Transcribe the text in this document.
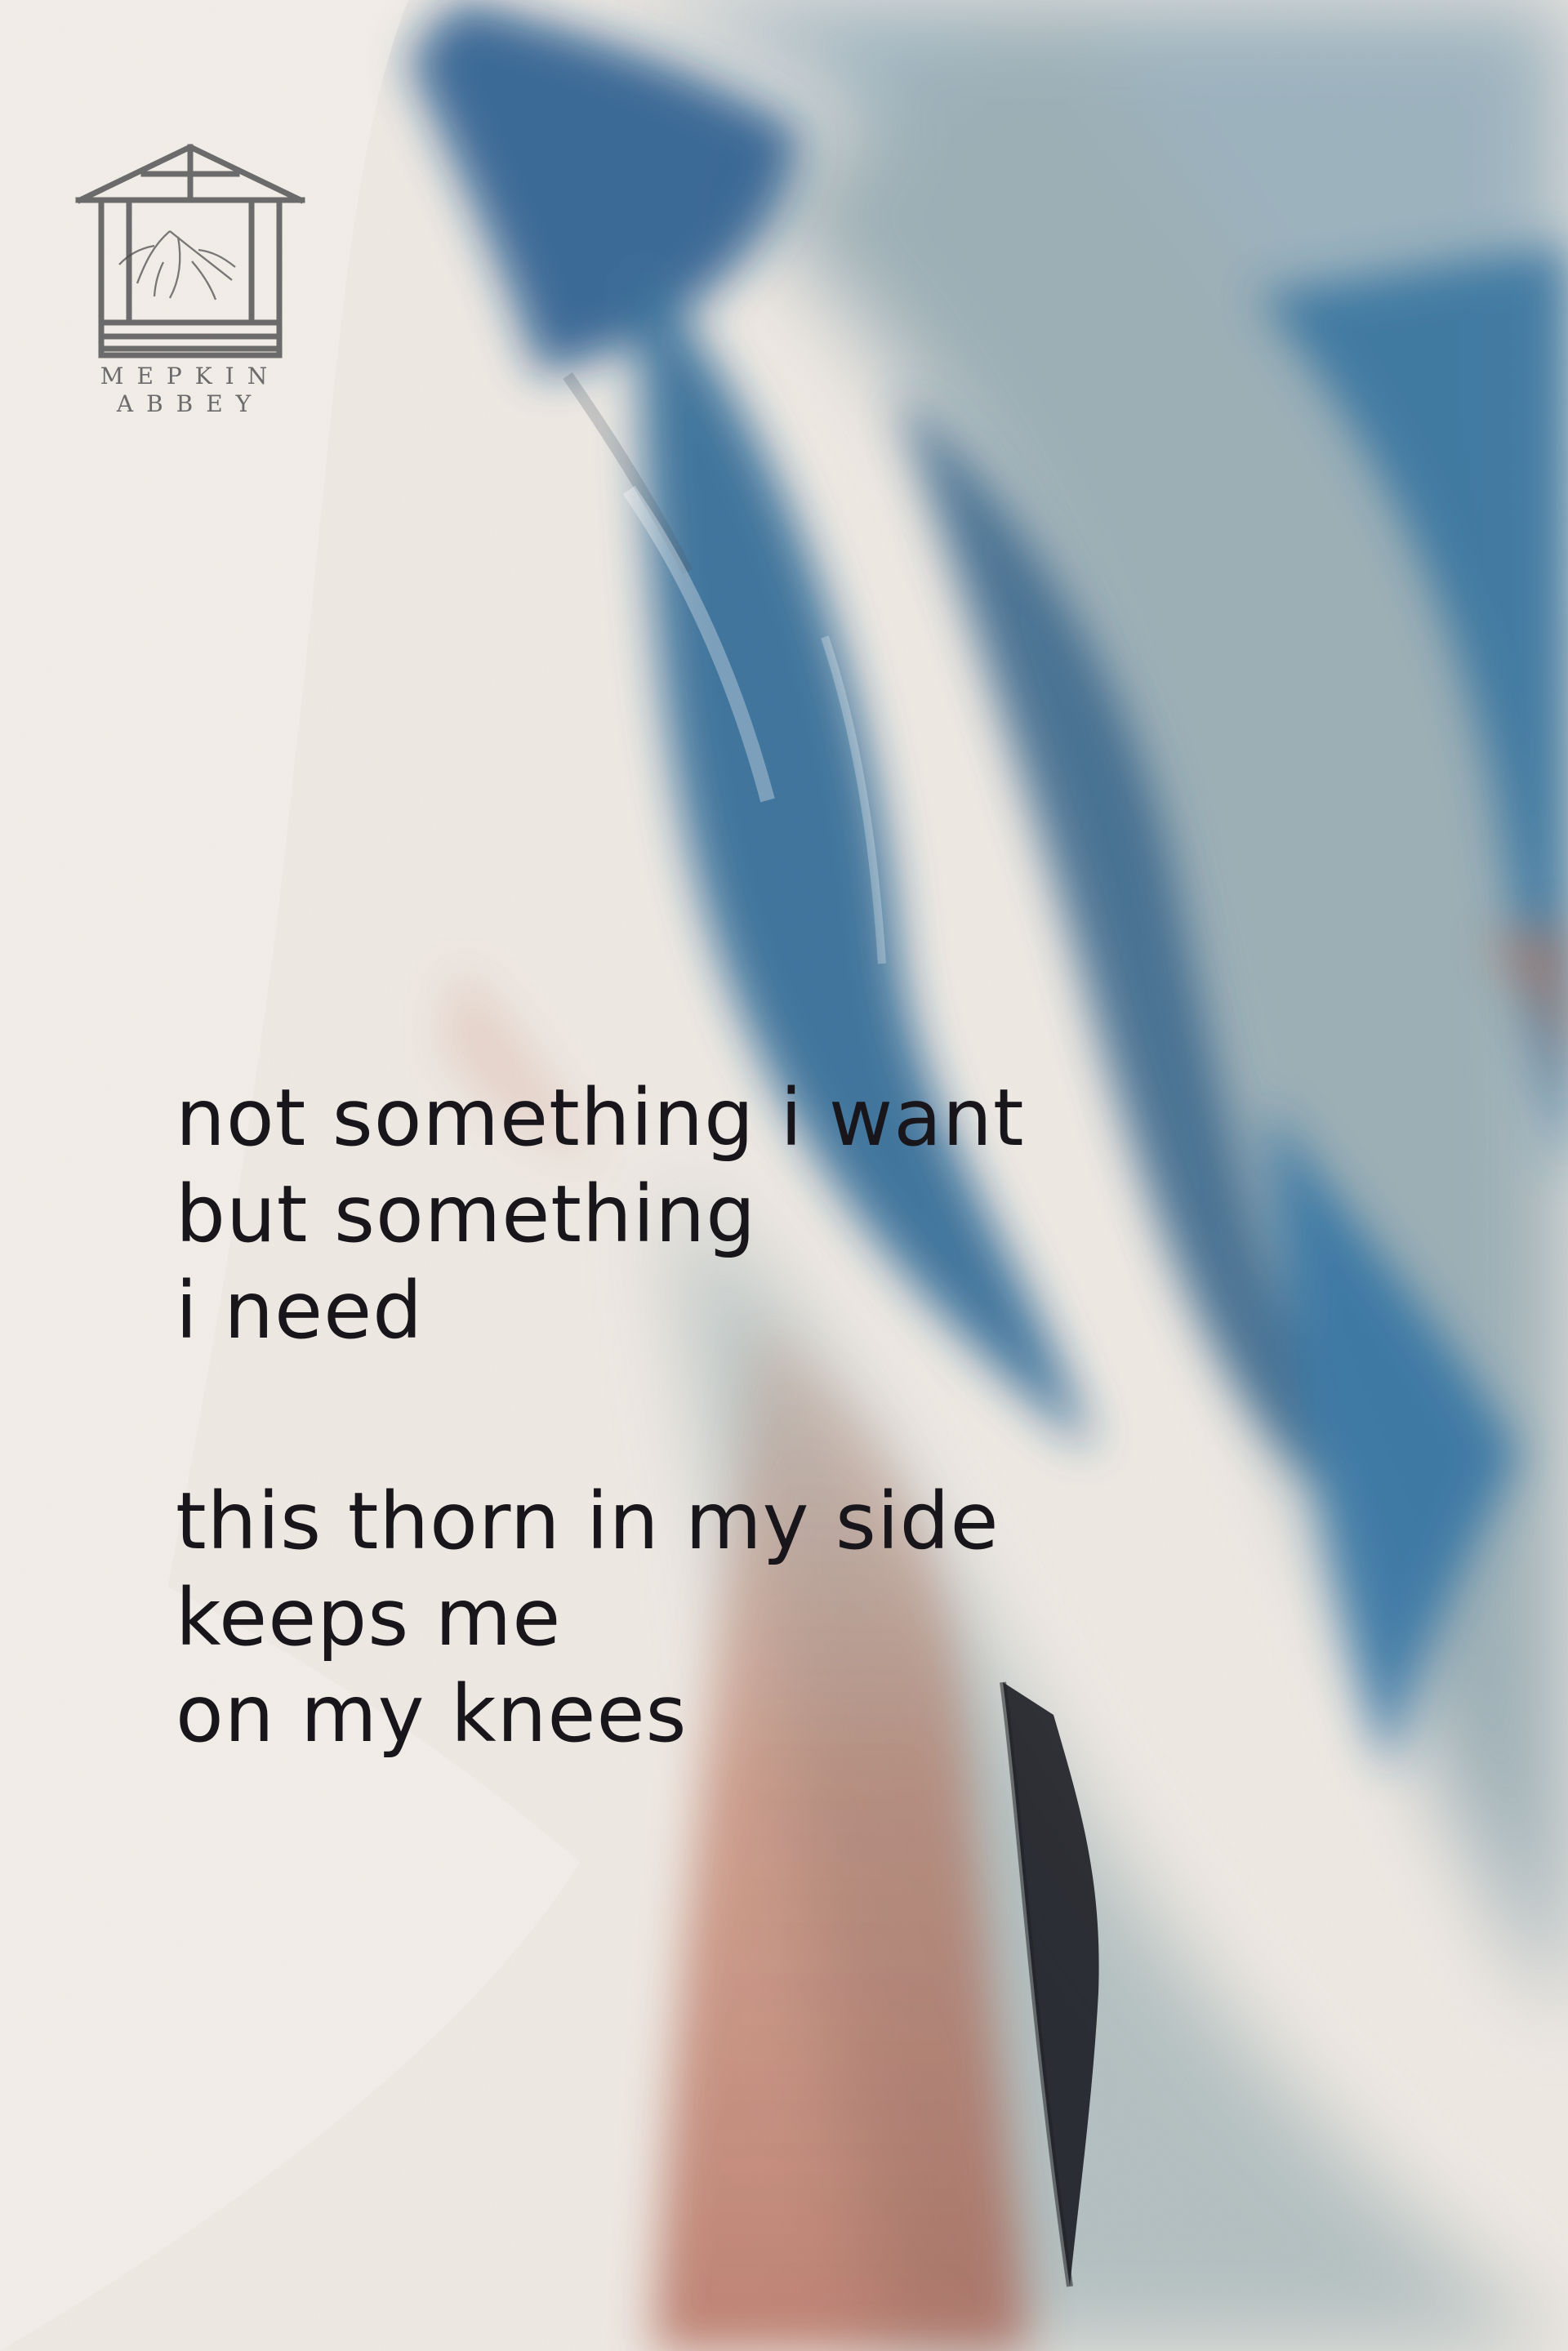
MEPKIN
ABBEY
not something i want
but something
i need
this thorn in my side
keeps me
on my knees
